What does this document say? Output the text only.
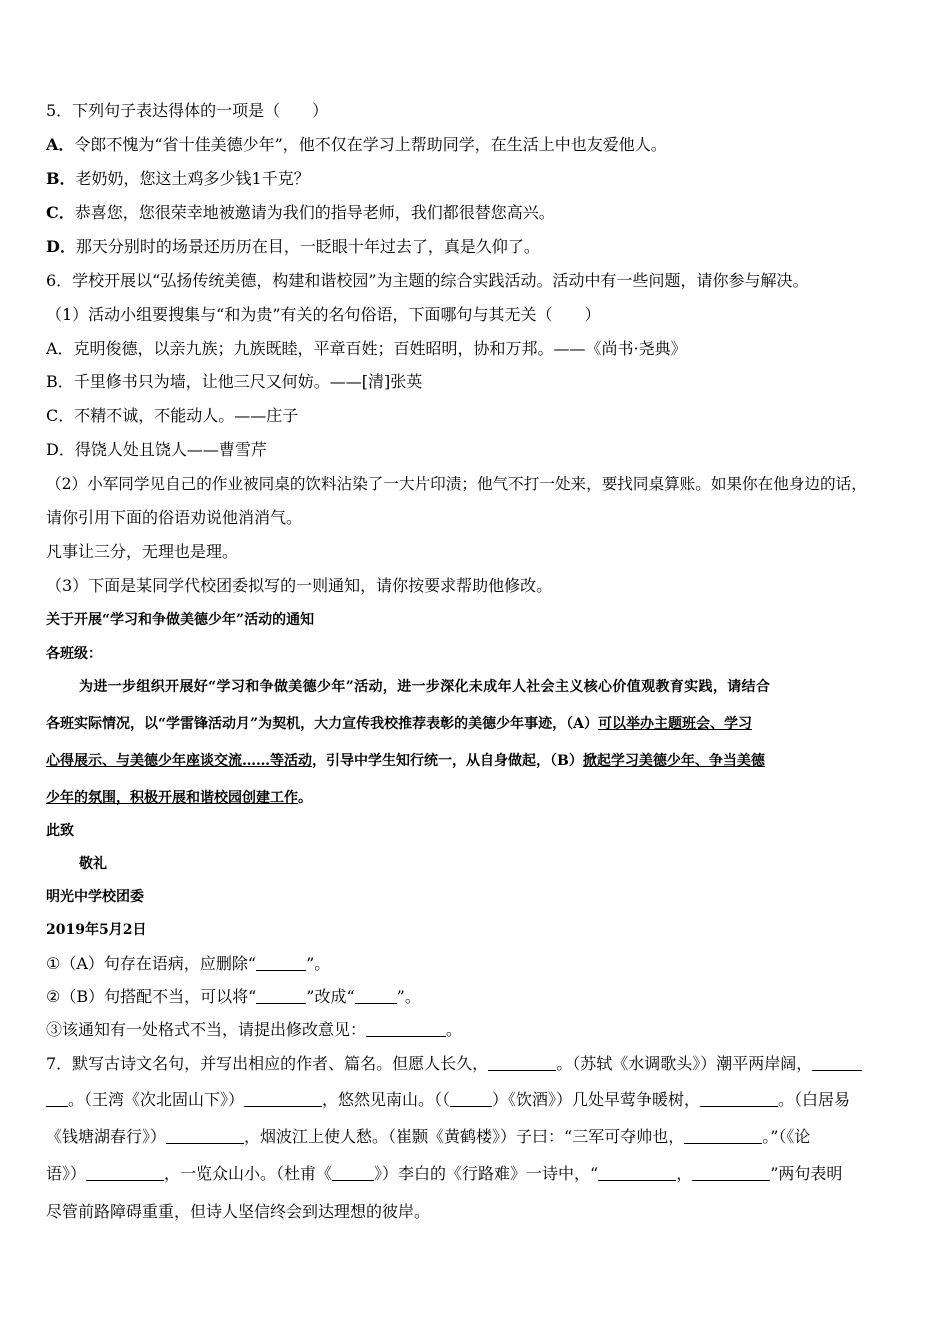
5．下列句子表达得体的一项是（　　）
A．令郎不愧为“省十佳美德少年”，他不仅在学习上帮助同学，在生活上中也友爱他人。
B．老奶奶，您这土鸡多少钱1千克？
C．恭喜您，您很荣幸地被邀请为我们的指导老师，我们都很替您高兴。
D．那天分别时的场景还历历在目，一眨眼十年过去了，真是久仰了。
6．学校开展以“弘扬传统美德，构建和谐校园”为主题的综合实践活动。活动中有一些问题，请你参与解决。
（1）活动小组要搜集与“和为贵”有关的名句俗语，下面哪句与其无关（　　）
A．克明俊德，以亲九族；九族既睦，平章百姓；百姓昭明，协和万邦。——《尚书·尧典》
B．千里修书只为墙，让他三尺又何妨。——[清]张英
C．不精不诚，不能动人。——庄子
D．得饶人处且饶人——曹雪芹
（2）小军同学见自己的作业被同桌的饮料沾染了一大片印渍；他气不打一处来，要找同桌算账。如果你在他身边的话，
请你引用下面的俗语劝说他消消气。
凡事让三分，无理也是理。
（3）下面是某同学代校团委拟写的一则通知，请你按要求帮助他修改。
关于开展“学习和争做美德少年”活动的通知
各班级：
为进一步组织开展好“学习和争做美德少年”活动，进一步深化未成年人社会主义核心价值观教育实践，请结合
各班实际情况，以“学雷锋活动月”为契机，大力宣传我校推荐表彰的美德少年事迹，（A）可以举办主题班会、学习
心得展示、与美德少年座谈交流……等活动，引导中学生知行统一，从自身做起，（B）掀起学习美德少年、争当美德
少年的氛围，积极开展和谐校园创建工作。
此致
敬礼
明光中学校团委
2019年5月2日
①（A）句存在语病，应删除“	”。
②（B）句搭配不当，可以将“	”改成“	”。
③该通知有一处格式不当，请提出修改意见：	。
7．默写古诗文名句，并写出相应的作者、篇名。但愿人长久，	。（苏轼《水调歌头》）潮平两岸阔，
。（王湾《次北固山下》）	，悠然见南山。（（	）《饮酒》）几处早莺争暖树，	。（白居易
《钱塘湖春行》）	，烟波江上使人愁。（崔颢《黄鹤楼》）子曰：“三军可夺帅也，	。”（《论
语》）	，一览众山小。（杜甫《	》）李白的《行路难》一诗中，“	，	”两句表明
尽管前路障碍重重，但诗人坚信终会到达理想的彼岸。
